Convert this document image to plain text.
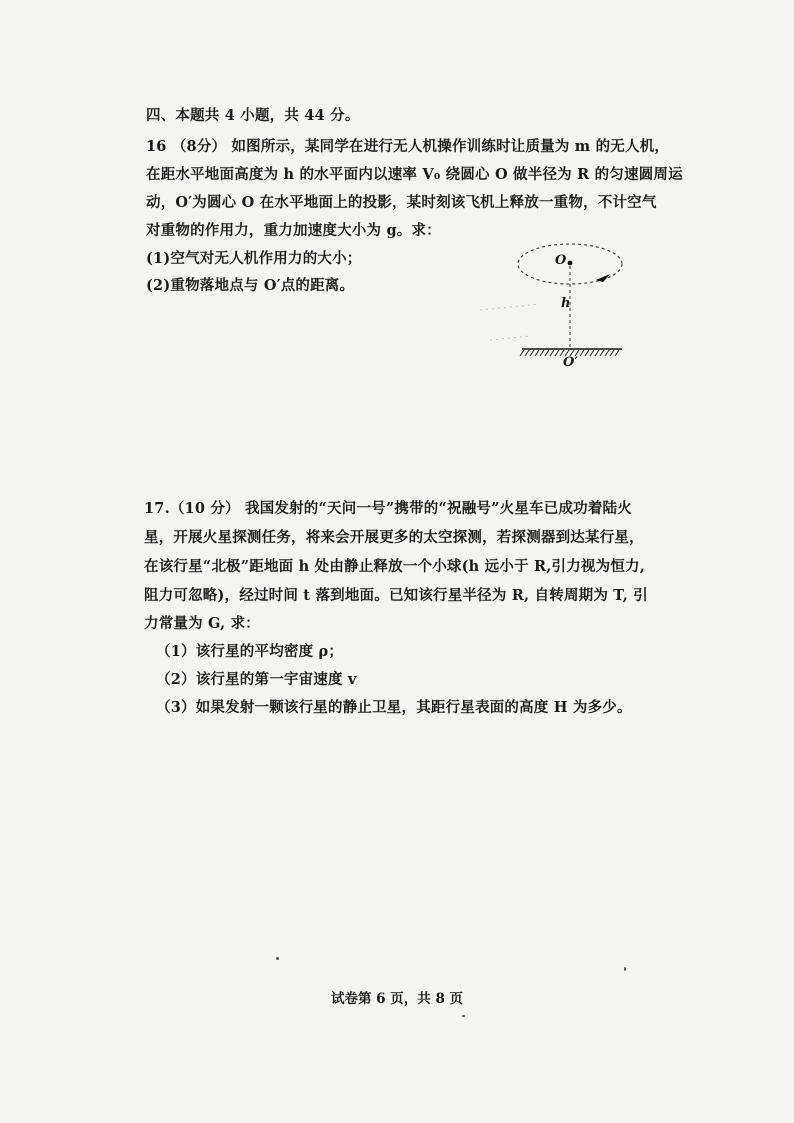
四、本题共 4 小题，共 44 分。
16 （8分） 如图所示，某同学在进行无人机操作训练时让质量为 m 的无人机，
在距水平地面高度为 h 的水平面内以速率 V₀ 绕圆心 O 做半径为 R 的匀速圆周运
动，O′为圆心 O 在水平地面上的投影，某时刻该飞机上释放一重物，不计空气
对重物的作用力，重力加速度大小为 g。求：
(1)空气对无人机作用力的大小；
(2)重物落地点与 O′点的距离。
O
h
O′
17.（10 分） 我国发射的“天问一号”携带的“祝融号”火星车已成功着陆火
星，开展火星探测任务，将来会开展更多的太空探测，若探测器到达某行星，
在该行星“北极”距地面 h 处由静止释放一个小球(h 远小于 R,引力视为恒力,
阻力可忽略)，经过时间 t 落到地面。已知该行星半径为 R, 自转周期为 T, 引
力常量为 G, 求：
（1）该行星的平均密度 ρ；
（2）该行星的第一宇宙速度 v
（3）如果发射一颗该行星的静止卫星，其距行星表面的高度 H 为多少。
试卷第 6 页，共 8 页
